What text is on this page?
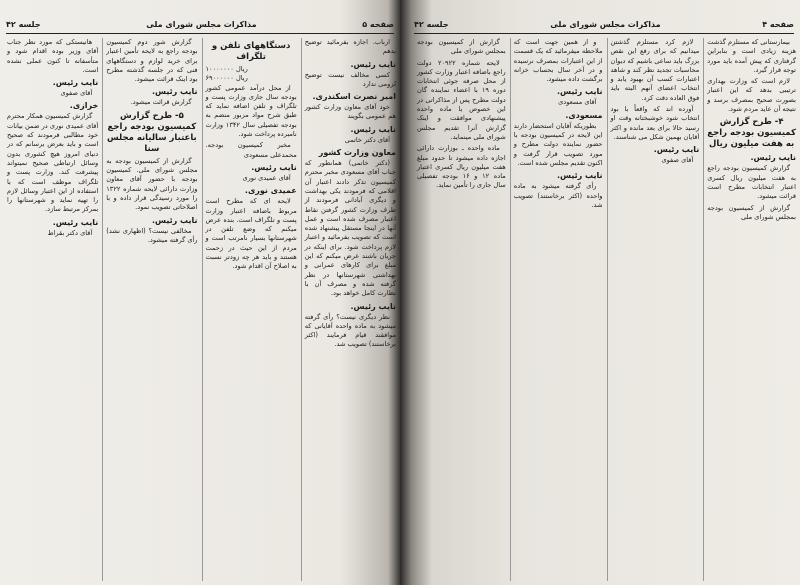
صفحه ۵
مذاکرات مجلس شورای ملی
جلسه ۴۲

ارباب. اجازه بفرمائید توضیح بدهم

نایب رئیس.

کسی مخالف نیست توضیح لزومی ندارد

امیر نصرت اسکندری.

خود آقای معاون وزارت کشور هم عمومی بگویند

نایب رئیس.

آقای دکتر خاتمی

معاون وزارت کشور

(دکتر خاتمی) همانطور که جناب آقای مسعودی مخبر محترم کمیسیون تذکر دادند اعتبار آن اقلامی که فرمودند یکی بهداشت و دیگری آبادانی فرمودند از طرف وزارت کشور گرفتن نقاط اعتبار مصرف شده است و عمل آنها در اینجا مستقل پیشنهاد شده است که تصویب بفرمائید و اعتبار لازم پرداخت شود. برای اینکه در جریان باشند عرض میکنم که این مبلغ برای کارهای عمرانی و بهداشتی شهرستانها در نظر گرفته شده و مصرف آن با نظارت کامل خواهد بود.

نایب رئیس.

نظر دیگری نیست؟ رأی گرفته میشود به ماده واحده آقایانی که موافقند قیام فرمایند (اکثر برخاستند) تصویب شد.

دستگاههای تلفن و تلگراف
۱۰۰۰۰۰۰۰ ریال
۶۹۰۰۰۰۰۰ ریال

از محل درآمد عمومی کشور بودجه سال جاری وزارت پست و تلگراف و تلفن اضافه نماید که طبق شرح مواد مزبور منضم به بودجه تفصیلی سال ۱۳۴۲ وزارت نامبرده پرداخت شود.

مخبر کمیسیون بودجه. محمدعلی مسعودی

نایب رئیس.

آقای عمیدی نوری

عمیدی نوری.

لایحه ای که مطرح است مربوط باضافه اعتبار وزارت پست و تلگراف است. بنده عرض میکنم که وضع تلفن در شهرستانها بسیار نامرتب است و مردم از این حیث در زحمت هستند و باید هر چه زودتر نسبت به اصلاح آن اقدام شود.

گزارش شور دوم کمیسیون بودجه راجع به لایحه تأمین اعتبار برای خرید لوازم و دستگاههای فنی که در جلسه گذشته مطرح بود اینک قرائت میشود.

نایب رئیس.

گزارش قرائت میشود.

۵- طرح گزارش کمیسیون بودجه راجع باعتبار سالیانه مجلس سنا

گزارش از کمیسیون بودجه به مجلس شورای ملی. کمیسیون بودجه با حضور آقای معاون وزارت دارائی لایحه شماره ۱۳۲۲ را مورد رسیدگی قرار داده و با اصلاحاتی تصویب نمود.

نایب رئیس.

مخالفی نیست؟ (اظهاری نشد) رأی گرفته میشود.

هانیستکی که مورد نظر جناب آقای وزیر بوده اقدام شود و متأسفانه تا کنون عملی نشده است.

نایب رئیس.

آقای صفوی

خرازی.

گزارش کمیسیون همکار محترم آقای عمیدی نوری در ضمن بیانات خود مطالبی فرمودند که صحیح است و باید بعرض برسانم که در دنیای امروز هیچ کشوری بدون وسائل ارتباطی صحیح نمیتواند پیشرفت کند. وزارت پست و تلگراف موظف است که با استفاده از این اعتبار وسائل لازم را تهیه نماید و شهرستانها را بمرکز مرتبط سازد.

نایب رئیس.

آقای دکتر بقراط

صفحه ۴
مذاکرات مجلس شورای ملی
جلسه ۴۲

بیمارستانی که مستلزم گذشت هزینه زیادی است و بنابراین گرفتاری که پیش آمده باید مورد توجه قرار گیرد.

لازم است که وزارت بهداری ترتیبی بدهد که این اعتبار بصورت صحیح بمصرف برسد و نتیجه آن عاید مردم شود.

۴- طرح گزارش کمیسیون بودجه راجع به هفت میلیون ریال
نایب رئیس.

گزارش کمیسیون بودجه راجع به هفت میلیون ریال کسری اعتبار انتخابات مطرح است قرائت میشود.

گزارش از کمیسیون بودجه بمجلس شورای ملی

لازم کرد مستلزم گذشتن میدانیم که برای رفع این نقص بزرگ باید ساعی باشیم که دیوان محاسبات تجدید نظر کند و شاهد اعتبارات کسب آن بهبود یابد و انتخاب اعضای آنهم البته باید فوق العاده دقت کرد.

آورده اند که واقعاً با بود انتخاب شود خوشبختانه وقت او رسید حالا برای بعد مانده و اکثر آقایان بهمین شکل می شناسند.

نایب رئیس.

آقای صفوی

و از همین جهت است که ملاحظه میفرمائید که یک قسمت از این اعتبارات بمصرف نرسیده و در آخر سال بحساب خزانه برگشت داده میشود.

نایب رئیس.

آقای مسعودی

مسعودی.

بطوریکه آقایان استحضار دارند این لایحه در کمیسیون بودجه با حضور نماینده دولت مطرح و مورد تصویب قرار گرفت و اکنون تقدیم مجلس شده است.

نایب رئیس.

رأی گرفته میشود به ماده واحده (اکثر برخاستند) تصویب شد.

گزارش از کمیسیون بودجه بمجلس شورای ملی

لایحه شماره ۲۰۹۲۲ دولت راجع باضافه اعتبار وزارت کشور از محل صرفه جوئی انتخابات دوره ۱۹ با اعضاء نماینده گان دولت مطرح پس از مذاکراتی در این خصوص با ماده واحده پیشنهادی موافقت و اینک گزارش آنرا تقدیم مجلس شورای ملی مینماید.

ماده واحده ـ بوزارت دارائی اجازه داده میشود تا حدود مبلغ هفت میلیون ریال کسری اعتبار ماده ۱۲ و ۱۶ بودجه تفصیلی سال جاری را تأمین نماید.
